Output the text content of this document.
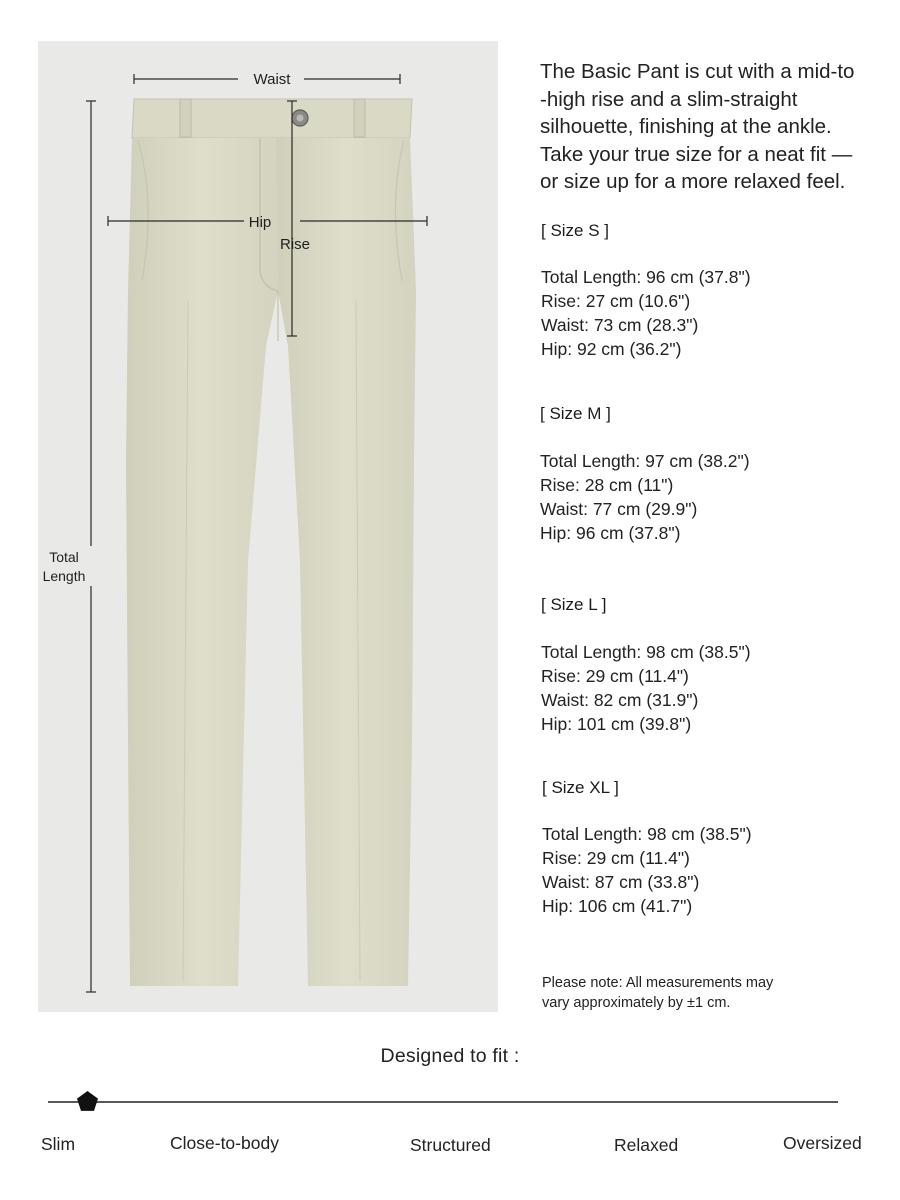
Waist
Hip
Rise
Total
Length
The Basic Pant is cut with a mid-to
-high rise and a slim-straight
silhouette, finishing at the ankle.
Take your true size for a neat fit —
or size up for a more relaxed feel.
[ Size S ]
Total Length: 96 cm (37.8")
Rise: 27 cm (10.6")
Waist: 73 cm (28.3")
Hip: 92 cm (36.2")
[ Size M ]
Total Length: 97 cm (38.2")
Rise: 28 cm (11")
Waist: 77 cm (29.9")
Hip: 96 cm (37.8")
[ Size L ]
Total Length: 98 cm (38.5")
Rise: 29 cm (11.4")
Waist: 82 cm (31.9")
Hip: 101 cm (39.8")
[ Size XL ]
Total Length: 98 cm (38.5")
Rise: 29 cm (11.4")
Waist: 87 cm (33.8")
Hip: 106 cm (41.7")
Please note: All measurements may
vary approximately by ±1 cm.
Designed to fit :
Slim	Close-to-body	Structured	Relaxed	Oversized
